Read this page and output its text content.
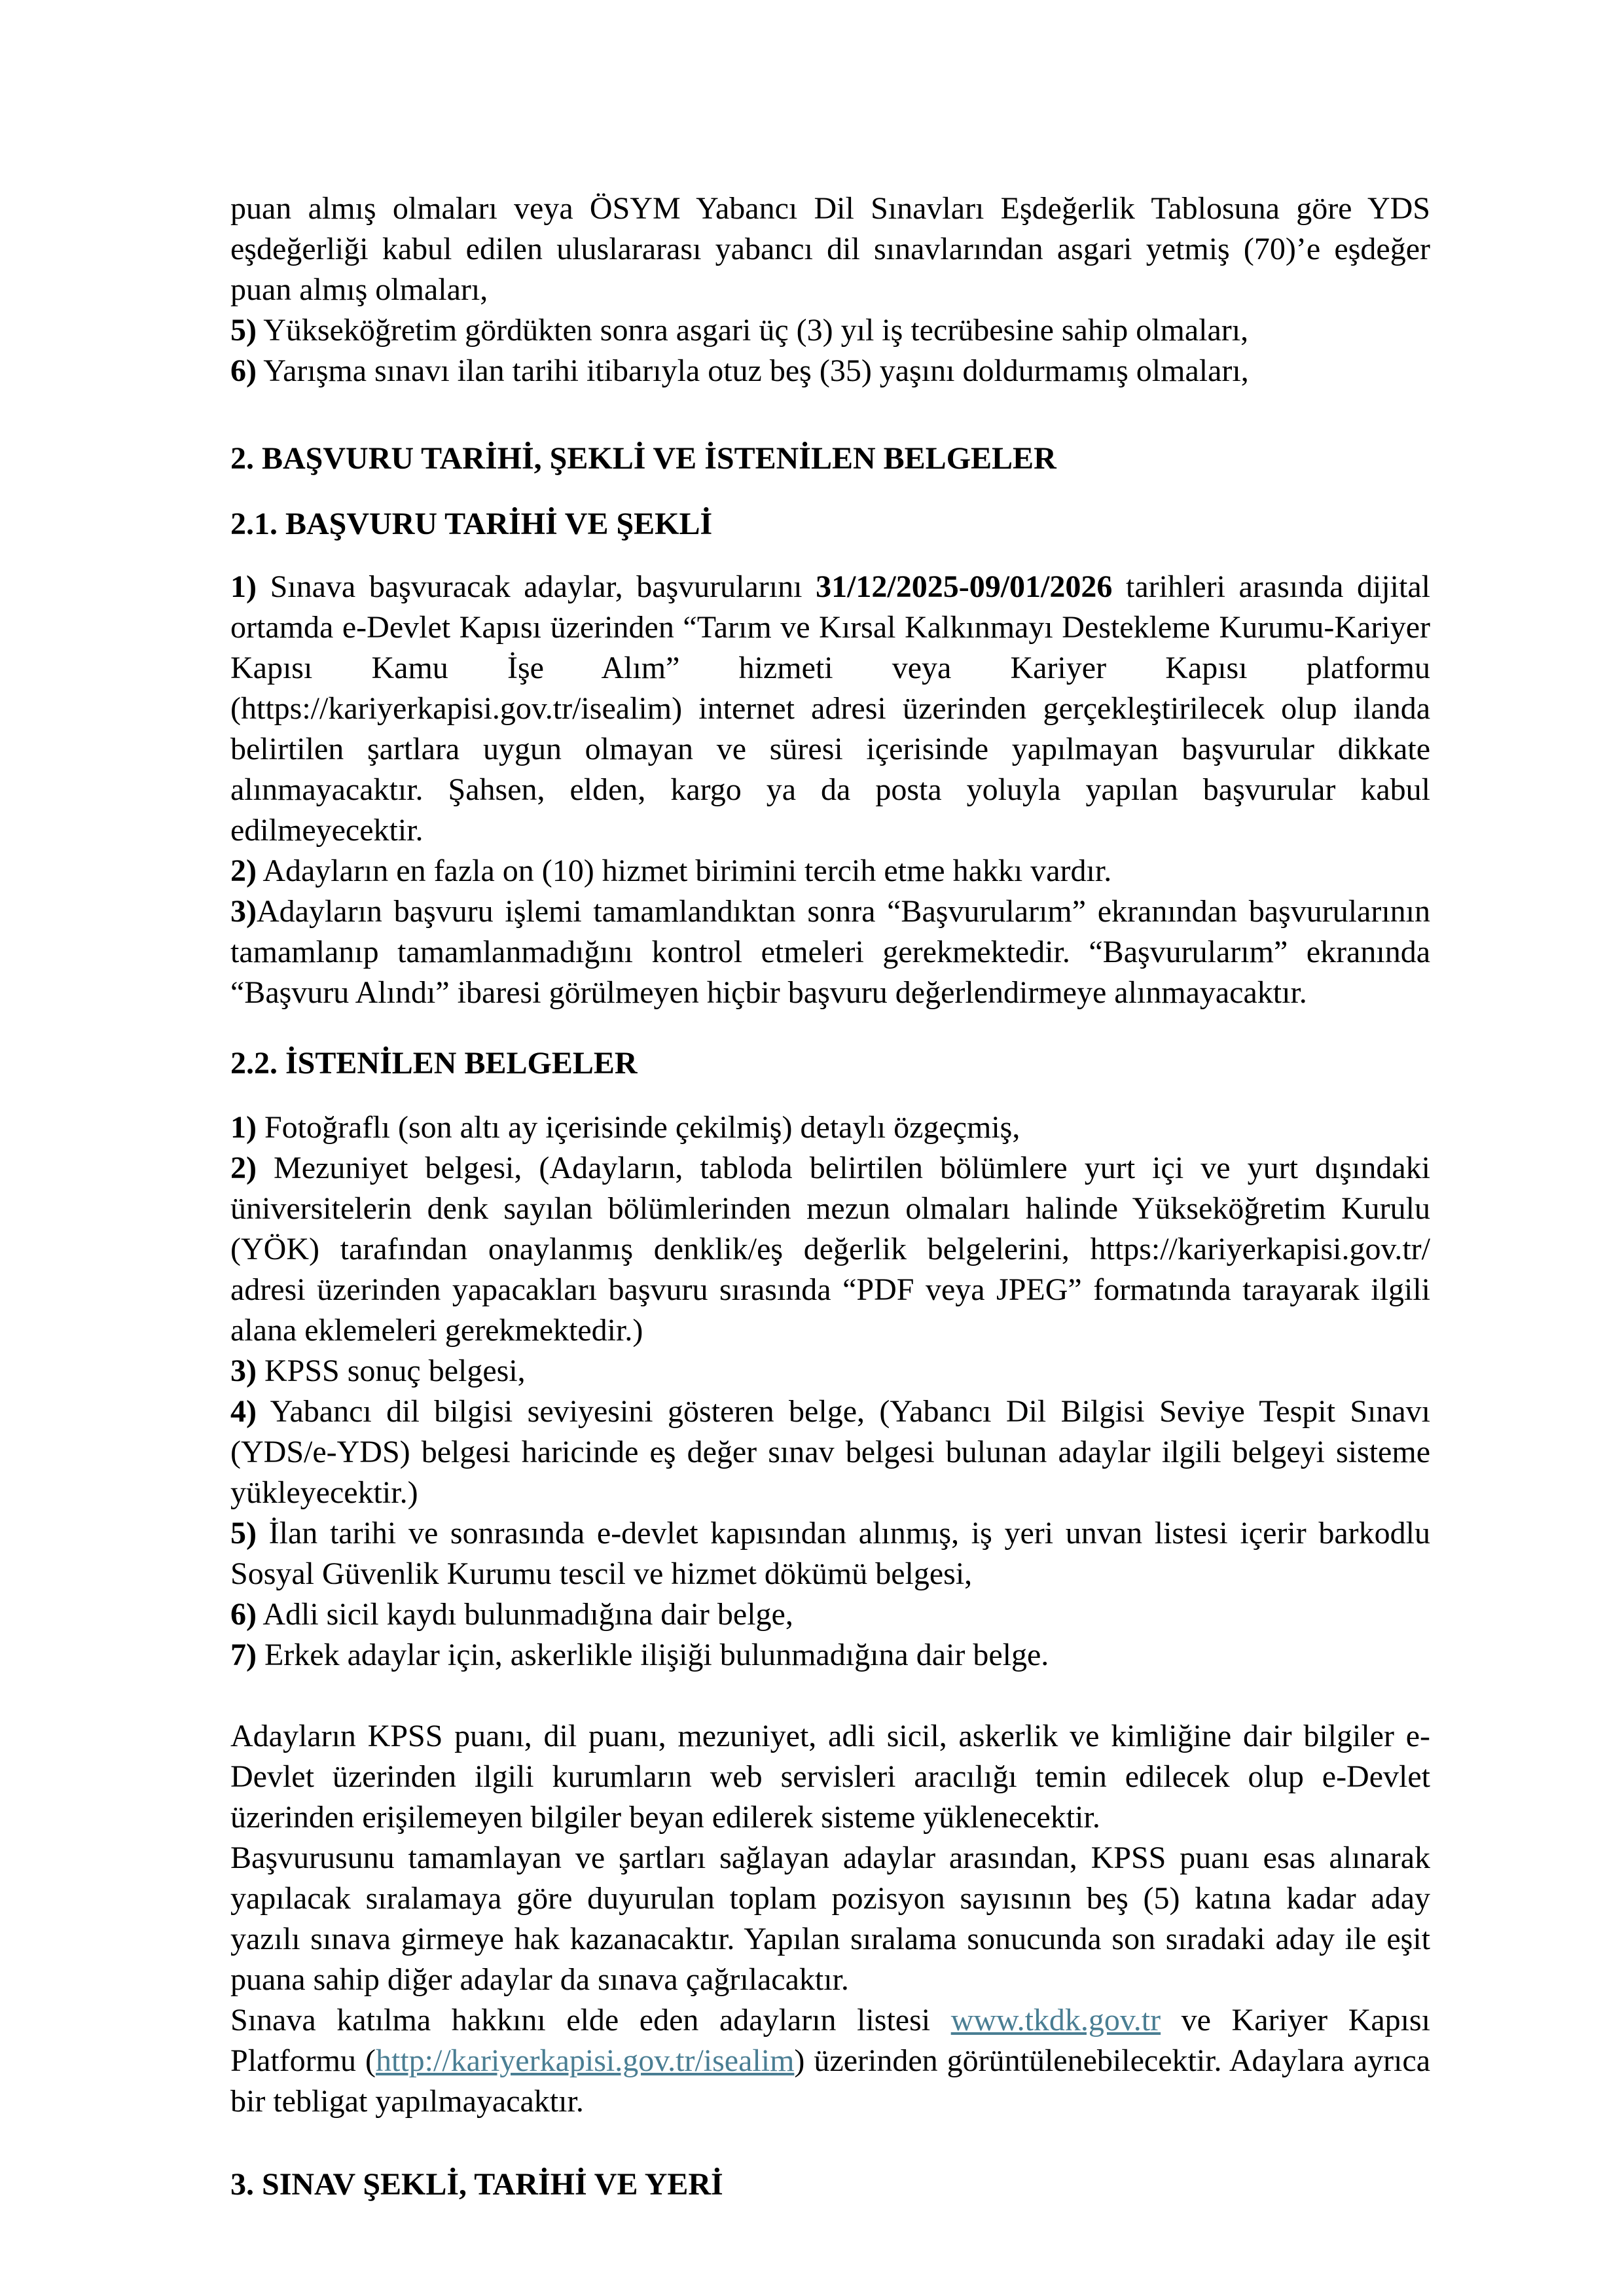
puan almış olmaları veya ÖSYM Yabancı Dil Sınavları Eşdeğerlik Tablosuna göre YDS eşdeğerliği kabul edilen uluslararası yabancı dil sınavlarından asgari yetmiş (70)’e eşdeğer puan almış olmaları,

5) Yükseköğretim gördükten sonra asgari üç (3) yıl iş tecrübesine sahip olmaları,

6) Yarışma sınavı ilan tarihi itibarıyla otuz beş (35) yaşını doldurmamış olmaları,

2. BAŞVURU TARİHİ, ŞEKLİ VE İSTENİLEN BELGELER

2.1. BAŞVURU TARİHİ VE ŞEKLİ

1) Sınava başvuracak adaylar, başvurularını 31/12/2025-09/01/2026 tarihleri arasında dijital ortamda e-Devlet Kapısı üzerinden “Tarım ve Kırsal Kalkınmayı Destekleme Kurumu-Kariyer Kapısı Kamu İşe Alım” hizmeti veya Kariyer Kapısı platformu (https://kariyerkapisi.gov.tr/isealim) internet adresi üzerinden gerçekleştirilecek olup ilanda belirtilen şartlara uygun olmayan ve süresi içerisinde yapılmayan başvurular dikkate alınmayacaktır. Şahsen, elden, kargo ya da posta yoluyla yapılan başvurular kabul edilmeyecektir.

2) Adayların en fazla on (10) hizmet birimini tercih etme hakkı vardır.

3)Adayların başvuru işlemi tamamlandıktan sonra “Başvurularım” ekranından başvurularının tamamlanıp tamamlanmadığını kontrol etmeleri gerekmektedir. “Başvurularım” ekranında “Başvuru Alındı” ibaresi görülmeyen hiçbir başvuru değerlendirmeye alınmayacaktır.

2.2. İSTENİLEN BELGELER

1) Fotoğraflı (son altı ay içerisinde çekilmiş) detaylı özgeçmiş,

2) Mezuniyet belgesi, (Adayların, tabloda belirtilen bölümlere yurt içi ve yurt dışındaki üniversitelerin denk sayılan bölümlerinden mezun olmaları halinde Yükseköğretim Kurulu (YÖK) tarafından onaylanmış denklik/eş değerlik belgelerini, https://kariyerkapisi.gov.tr/ adresi üzerinden yapacakları başvuru sırasında “PDF veya JPEG” formatında tarayarak ilgili alana eklemeleri gerekmektedir.)

3) KPSS sonuç belgesi,

4) Yabancı dil bilgisi seviyesini gösteren belge, (Yabancı Dil Bilgisi Seviye Tespit Sınavı (YDS/e-YDS) belgesi haricinde eş değer sınav belgesi bulunan adaylar ilgili belgeyi sisteme yükleyecektir.)

5) İlan tarihi ve sonrasında e-devlet kapısından alınmış, iş yeri unvan listesi içerir barkodlu Sosyal Güvenlik Kurumu tescil ve hizmet dökümü belgesi,

6) Adli sicil kaydı bulunmadığına dair belge,

7) Erkek adaylar için, askerlikle ilişiği bulunmadığına dair belge.

Adayların KPSS puanı, dil puanı, mezuniyet, adli sicil, askerlik ve kimliğine dair bilgiler e-Devlet üzerinden ilgili kurumların web servisleri aracılığı temin edilecek olup e-Devlet üzerinden erişilemeyen bilgiler beyan edilerek sisteme yüklenecektir.

Başvurusunu tamamlayan ve şartları sağlayan adaylar arasından, KPSS puanı esas alınarak yapılacak sıralamaya göre duyurulan toplam pozisyon sayısının beş (5) katına kadar aday yazılı sınava girmeye hak kazanacaktır. Yapılan sıralama sonucunda son sıradaki aday ile eşit puana sahip diğer adaylar da sınava çağrılacaktır.

Sınava katılma hakkını elde eden adayların listesi www.tkdk.gov.tr ve Kariyer Kapısı Platformu (http://kariyerkapisi.gov.tr/isealim) üzerinden görüntülenebilecektir. Adaylara ayrıca bir tebligat yapılmayacaktır.

3. SINAV ŞEKLİ, TARİHİ VE YERİ
